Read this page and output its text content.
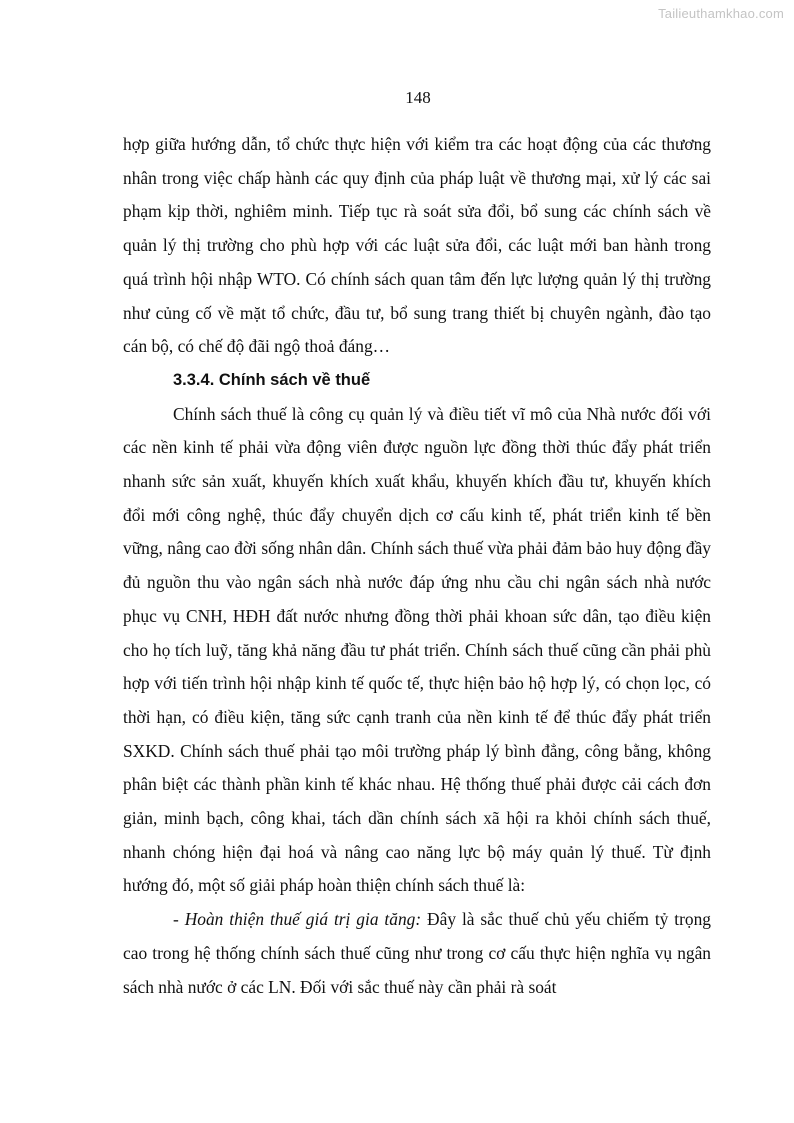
Tailieuthamkhao.com
148

hợp giữa hướng dẫn, tổ chức thực hiện với kiểm tra các hoạt động của các thương nhân trong việc chấp hành các quy định của pháp luật về thương mại, xử lý các sai phạm kịp thời, nghiêm minh. Tiếp tục rà soát sửa đổi, bổ sung các chính sách về quản lý thị trường cho phù hợp với các luật sửa đổi, các luật mới ban hành trong quá trình hội nhập WTO. Có chính sách quan tâm đến lực lượng quản lý thị trường như củng cố về mặt tổ chức, đầu tư, bổ sung trang thiết bị chuyên ngành, đào tạo cán bộ, có chế độ đãi ngộ thoả đáng…

3.3.4. Chính sách về thuế

Chính sách thuế là công cụ quản lý và điều tiết vĩ mô của Nhà nước đối với các nền kinh tế phải vừa động viên được nguồn lực đồng thời thúc đẩy phát triển nhanh sức sản xuất, khuyến khích xuất khẩu, khuyến khích đầu tư, khuyến khích đổi mới công nghệ, thúc đẩy chuyển dịch cơ cấu kinh tế, phát triển kinh tế bền vững, nâng cao đời sống nhân dân. Chính sách thuế vừa phải đảm bảo huy động đầy đủ nguồn thu vào ngân sách nhà nước đáp ứng nhu cầu chi ngân sách nhà nước phục vụ CNH, HĐH đất nước nhưng đồng thời phải khoan sức dân, tạo điều kiện cho họ tích luỹ, tăng khả năng đầu tư phát triển. Chính sách thuế cũng cần phải phù hợp với tiến trình hội nhập kinh tế quốc tế, thực hiện bảo hộ hợp lý, có chọn lọc, có thời hạn, có điều kiện, tăng sức cạnh tranh của nền kinh tế để thúc đẩy phát triển SXKD. Chính sách thuế phải tạo môi trường pháp lý bình đẳng, công bằng, không phân biệt các thành phần kinh tế khác nhau. Hệ thống thuế phải được cải cách đơn giản, minh bạch, công khai, tách dần chính sách xã hội ra khỏi chính sách thuế, nhanh chóng hiện đại hoá và nâng cao năng lực bộ máy quản lý thuế. Từ định hướng đó, một số giải pháp hoàn thiện chính sách thuế là:

- Hoàn thiện thuế giá trị gia tăng: Đây là sắc thuế chủ yếu chiếm tỷ trọng cao trong hệ thống chính sách thuế cũng như trong cơ cấu thực hiện nghĩa vụ ngân sách nhà nước ở các LN. Đối với sắc thuế này cần phải rà soát
